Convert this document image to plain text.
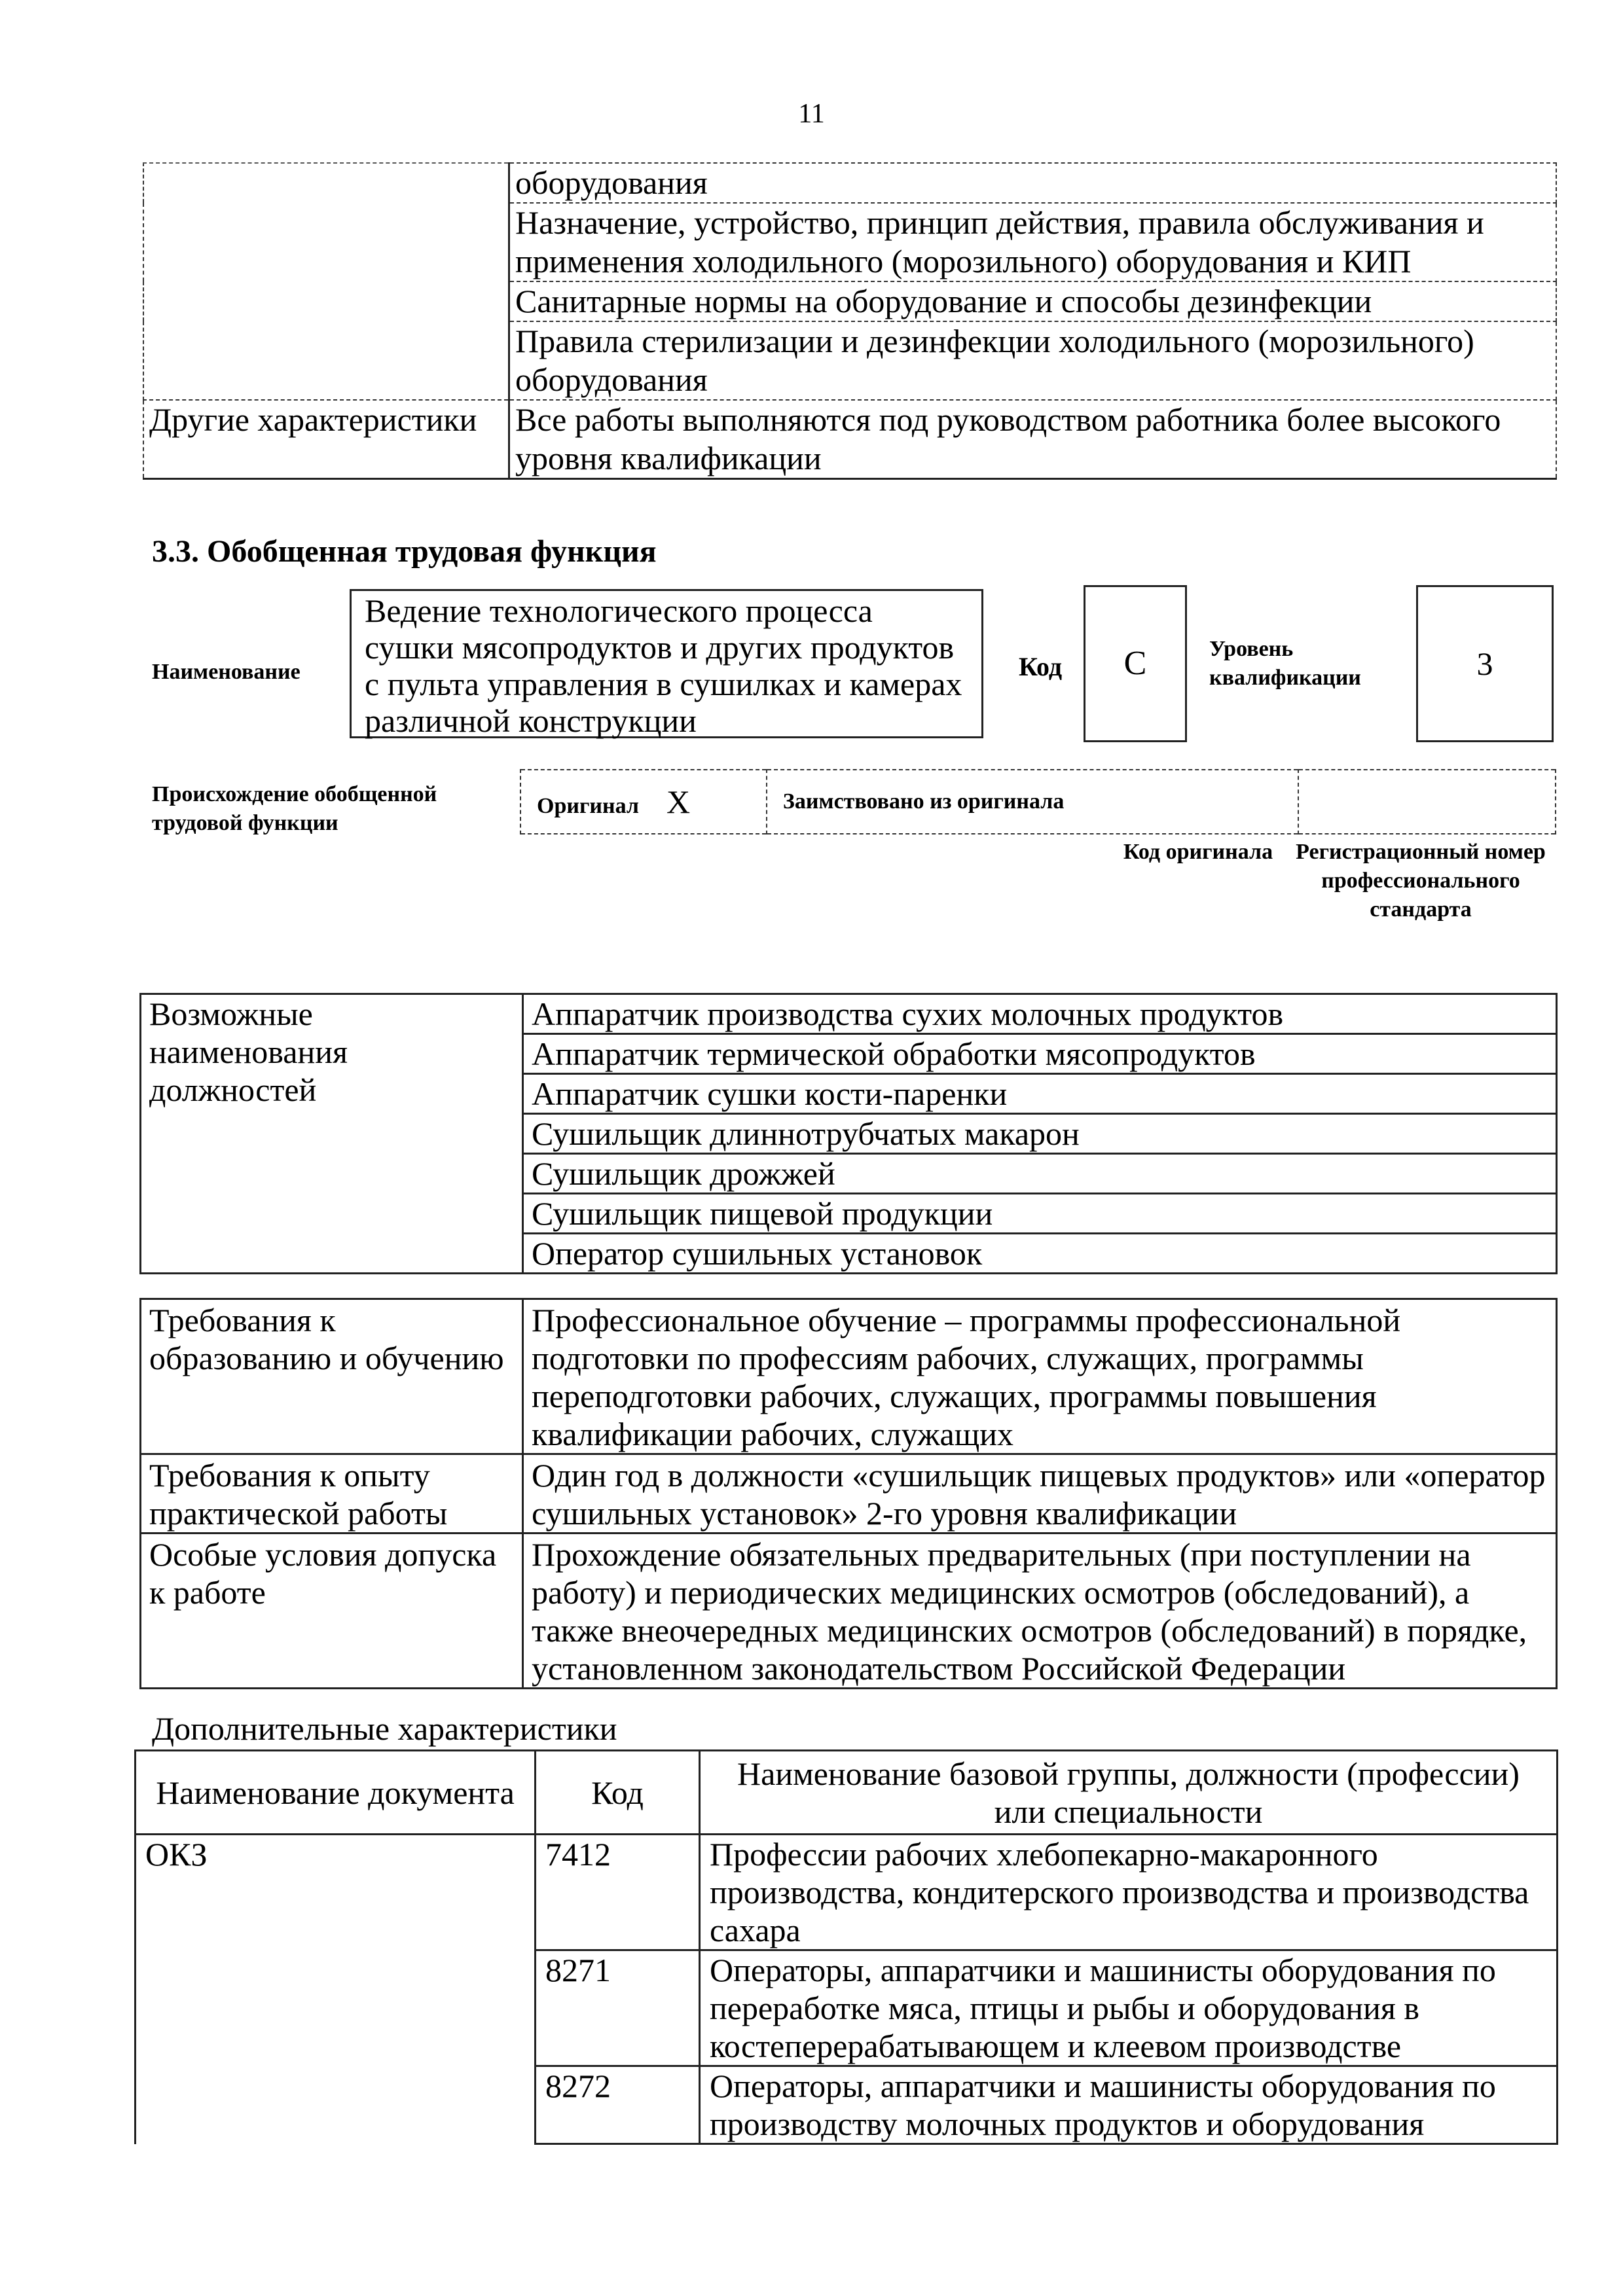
11
	оборудования
	Назначение, устройство, принцип действия, правила обслуживания и применения холодильного (морозильного) оборудования и КИП
	Санитарные нормы на оборудование и способы дезинфекции
	Правила стерилизации и дезинфекции холодильного (морозильного) оборудования
Другие характеристики	Все работы выполняются под руководством работника более высокого уровня квалификации
3.3. Обобщенная трудовая функция
Наименование
Ведение технологического процесса сушки мясопродуктов и других продуктов с пульта управления в сушилках и камерах различной конструкции
Код	C	Уровень квалификации	3
Происхождение обобщенной трудовой функции
Оригинал X	Заимствовано из оригинала	
Код оригинала	Регистрационный номер профессионального стандарта
Возможные наименования должностей	Аппаратчик производства сухих молочных продуктов
Аппаратчик термической обработки мясопродуктов
Аппаратчик сушки кости-паренки
Сушильщик длиннотрубчатых макарон
Сушильщик дрожжей
Сушильщик пищевой продукции
Оператор сушильных установок
Требования к образованию и обучению	Профессиональное обучение – программы профессиональной подготовки по профессиям рабочих, служащих, программы переподготовки рабочих, служащих, программы повышения квалификации рабочих, служащих
Требования к опыту практической работы	Один год в должности «сушильщик пищевых продуктов» или «оператор сушильных установок» 2-го уровня квалификации
Особые условия допуска к работе	Прохождение обязательных предварительных (при поступлении на работу) и периодических медицинских осмотров (обследований), а также внеочередных медицинских осмотров (обследований) в порядке, установленном законодательством Российской Федерации
Дополнительные характеристики
Наименование документа	Код	Наименование базовой группы, должности (профессии) или специальности
ОКЗ	7412	Профессии рабочих хлебопекарно-макаронного производства, кондитерского производства и производства сахара
	8271	Операторы, аппаратчики и машинисты оборудования по переработке мяса, птицы и рыбы и оборудования в костеперерабатывающем и клеевом производстве
	8272	Операторы, аппаратчики и машинисты оборудования по производству молочных продуктов и оборудования
